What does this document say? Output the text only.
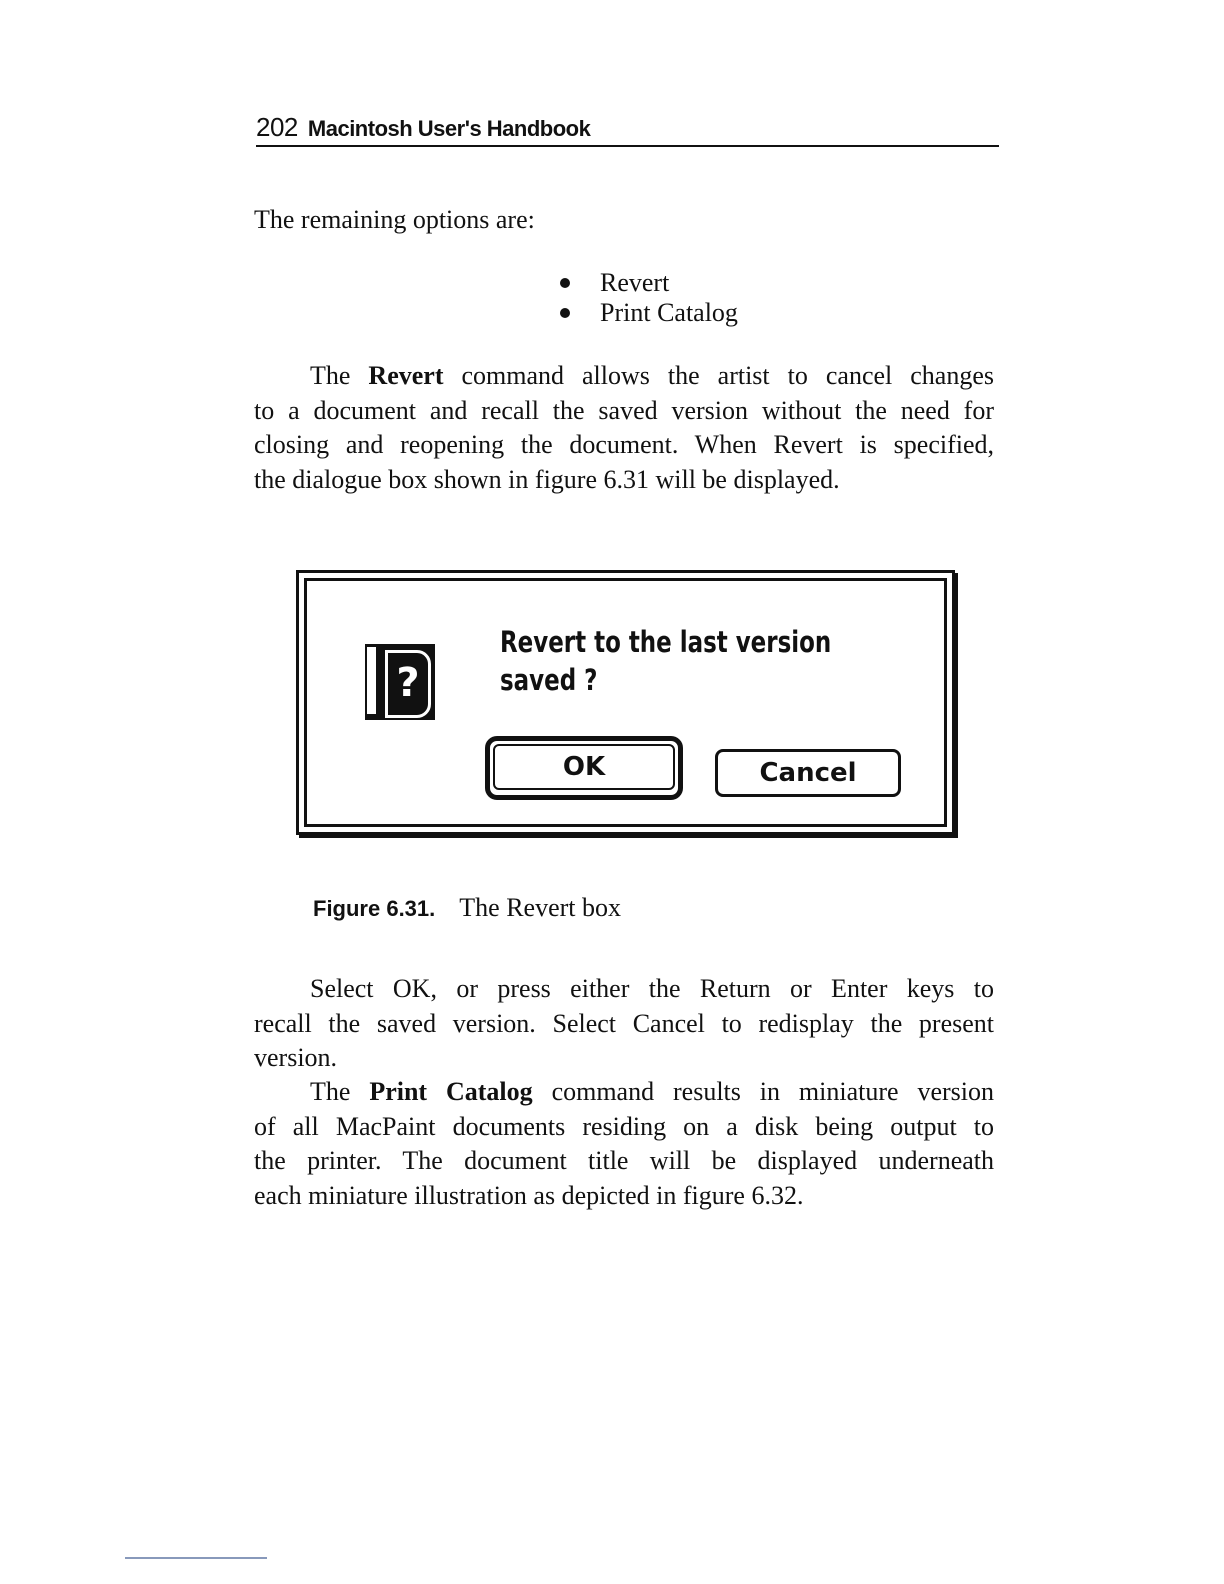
202 Macintosh User's Handbook
The remaining options are:
Revert
Print Catalog
The Revert command allows the artist to cancel changes
to a document and recall the saved version without the need for
closing and reopening the document. When Revert is specified,
the dialogue box shown in figure 6.31 will be displayed.
?
Revert to the last version saved ?
OK	Cancel
Figure 6.31. The Revert box
Select OK, or press either the Return or Enter keys to
recall the saved version. Select Cancel to redisplay the present
version.
The Print Catalog command results in miniature version
of all MacPaint documents residing on a disk being output to
the printer. The document title will be displayed underneath
each miniature illustration as depicted in figure 6.32.
